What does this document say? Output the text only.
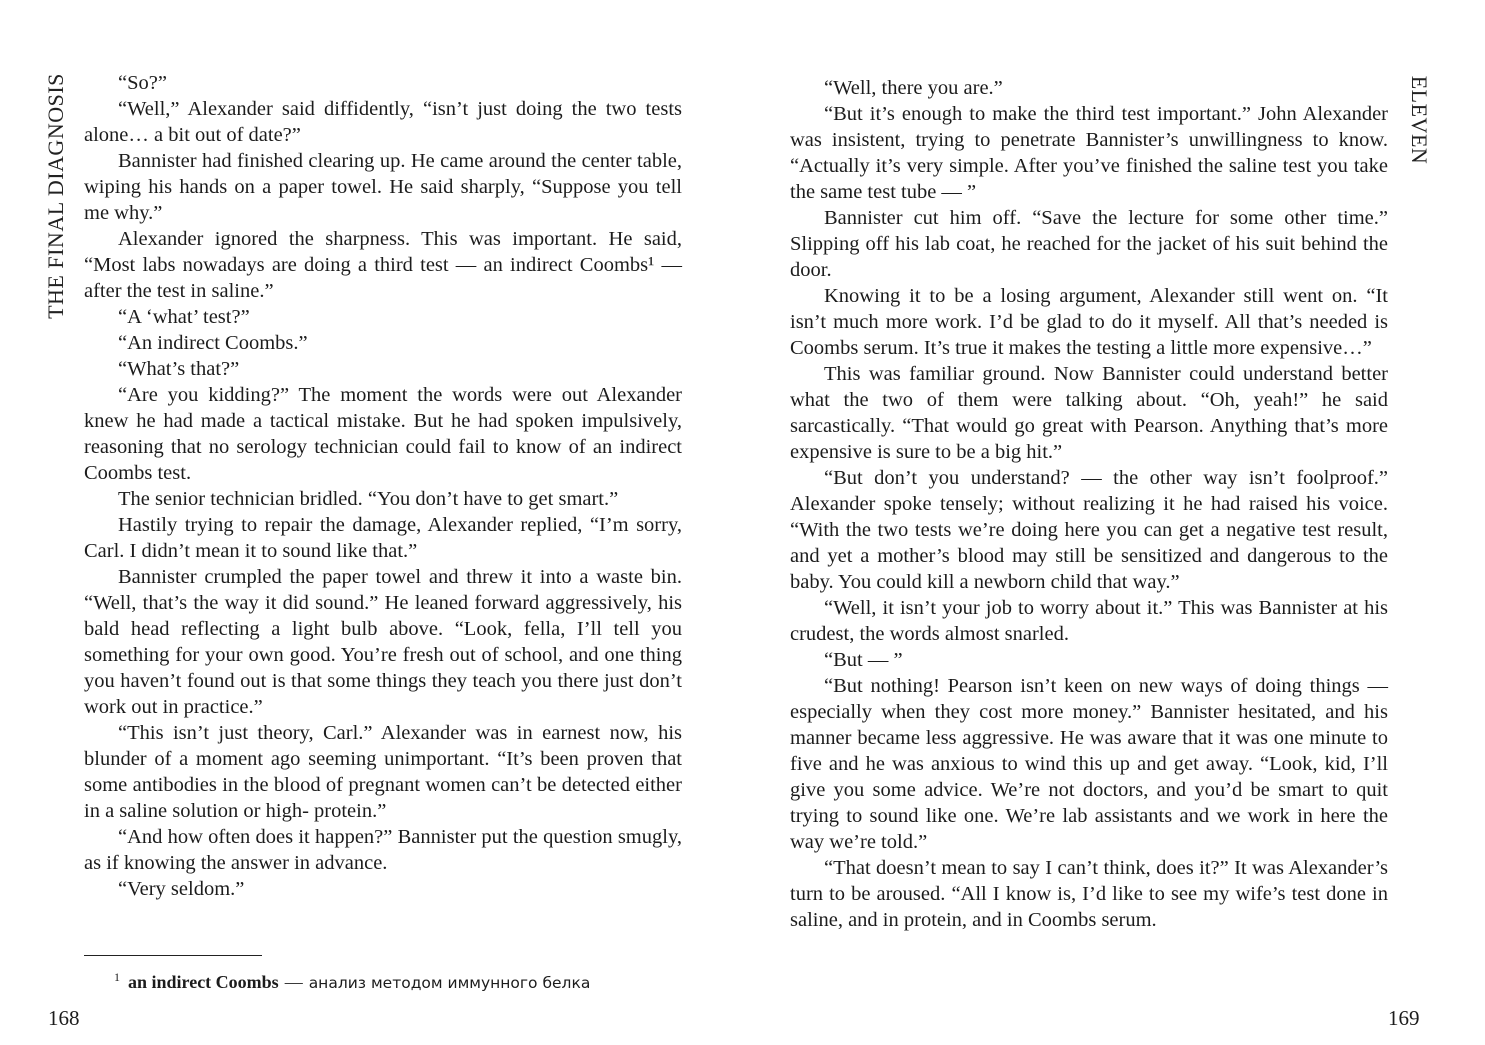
THE FINAL DIAGNOSIS	“So?”

“Well,” Alexander said diffidently, “isn’t just doing the two tests alone… a bit out of date?”

Bannister had finished clearing up. He came around the center table, wiping his hands on a paper towel. He said sharply, “Suppose you tell me why.”

Alexander ignored the sharpness. This was important. He said, “Most labs nowadays are doing a third test — an indirect Coombs¹ — after the test in saline.”

“A ‘what’ test?”

“An indirect Coombs.”

“What’s that?”

“Are you kidding?” The moment the words were out Alexander knew he had made a tactical mistake. But he had spoken impulsively, reasoning that no serology technician could fail to know of an indirect Coombs test.

The senior technician bridled. “You don’t have to get smart.”

Hastily trying to repair the damage, Alexander replied, “I’m sorry, Carl. I didn’t mean it to sound like that.”

Bannister crumpled the paper towel and threw it into a waste bin. “Well, that’s the way it did sound.” He leaned forward aggressively, his bald head reflecting a light bulb above. “Look, fella, I’ll tell you something for your own good. You’re fresh out of school, and one thing you haven’t found out is that some things they teach you there just don’t work out in practice.”

“This isn’t just theory, Carl.” Alexander was in earnest now, his blunder of a moment ago seeming unimportant. “It’s been proven that some antibodies in the blood of pregnant women can’t be detected either in a saline solution or high- protein.”

“And how often does it happen?” Bannister put the question smugly, as if knowing the answer in advance.

“Very seldom.”

$^1$ an indirect Coombs — анализ методом иммунного белка
168
ELEVEN

“Well, there you are.”

“But it’s enough to make the third test important.” John Alexander was insistent, trying to penetrate Bannister’s unwillingness to know. “Actually it’s very simple. After you’ve finished the saline test you take the same test tube — ”

Bannister cut him off. “Save the lecture for some other time.” Slipping off his lab coat, he reached for the jacket of his suit behind the door.

Knowing it to be a losing argument, Alexander still went on. “It isn’t much more work. I’d be glad to do it myself. All that’s needed is Coombs serum. It’s true it makes the testing a little more expensive…”

This was familiar ground. Now Bannister could understand better what the two of them were talking about. “Oh, yeah!” he said sarcastically. “That would go great with Pearson. Anything that’s more expensive is sure to be a big hit.”

“But don’t you understand? — the other way isn’t foolproof.” Alexander spoke tensely; without realizing it he had raised his voice. “With the two tests we’re doing here you can get a negative test result, and yet a mother’s blood may still be sensitized and dangerous to the baby. You could kill a newborn child that way.”

“Well, it isn’t your job to worry about it.” This was Bannister at his crudest, the words almost snarled.

“But — ”

“But nothing! Pearson isn’t keen on new ways of doing things — especially when they cost more money.” Bannister hesitated, and his manner became less aggressive. He was aware that it was one minute to five and he was anxious to wind this up and get away. “Look, kid, I’ll give you some advice. We’re not doctors, and you’d be smart to quit trying to sound like one. We’re lab assistants and we work in here the way we’re told.”

“That doesn’t mean to say I can’t think, does it?” It was Alexander’s turn to be aroused. “All I know is, I’d like to see my wife’s test done in saline, and in protein, and in Coombs serum.

169
